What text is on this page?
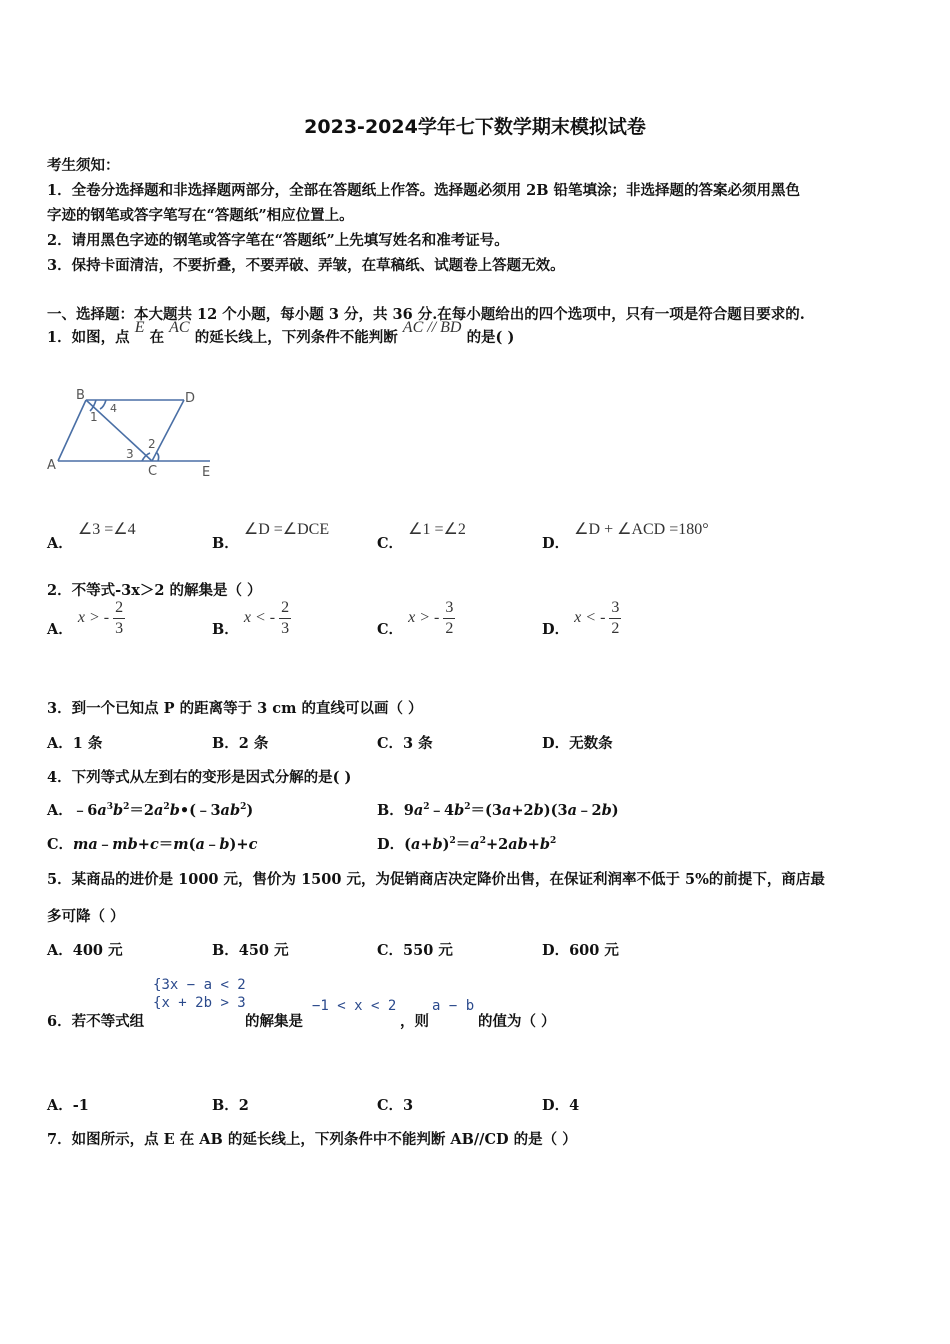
2023-2024学年七下数学期末模拟试卷
考生须知：
1．全卷分选择题和非选择题两部分，全部在答题纸上作答。选择题必须用 2B 铅笔填涂；非选择题的答案必须用黑色
字迹的钢笔或答字笔写在“答题纸”相应位置上。
2．请用黑色字迹的钢笔或答字笔在“答题纸”上先填写姓名和准考证号。
3．保持卡面清洁，不要折叠，不要弄破、弄皱，在草稿纸、试题卷上答题无效。
一、选择题：本大题共 12 个小题，每小题 3 分，共 36 分.在每小题给出的四个选项中，只有一项是符合题目要求的.
1．如图，点 E 在 AC 的延长线上，下列条件不能判断 AC // BD 的是( )
B	D
A	C	E
1
2
3
4
A． ∠3 =∠4
B． ∠D =∠DCE
C． ∠1 =∠2
D． ∠D + ∠ACD =180°
2．不等式-3x＞2 的解集是（ ）
A． x > - $\frac{2}{3}$	B． x < - $\frac{2}{3}$	C． x > - $\frac{3}{2}$	D． x < - $\frac{3}{2}$
3．到一个已知点 P 的距离等于 3 cm 的直线可以画（ ）
A．1 条	B．2 条	C．3 条	D．无数条
4．下列等式从左到右的变形是因式分解的是( )
A．$﹣6a^3b^2=2a^2b•(﹣3ab^2)$	B．$9a^2﹣4b^2=(3a+2b)(3a﹣2b)$
C．ma﹣mb+c＝m(a﹣b)+c	D．$(a+b)^2=a^2+2ab+b^2$
5．某商品的进价是 1000 元，售价为 1500 元，为促销商店决定降价出售，在保证利润率不低于 5%的前提下，商店最
多可降（ ）
A．400 元	B．450 元	C．550 元	D．600 元
6．若不等式组
{3x − a < 2
{x + 2b > 3
的解集是
−1 < x < 2
，则
a − b
的值为（ ）
A．-1	B．2	C．3	D．4
7．如图所示，点 E 在 AB 的延长线上，下列条件中不能判断 AB//CD 的是（ ）
